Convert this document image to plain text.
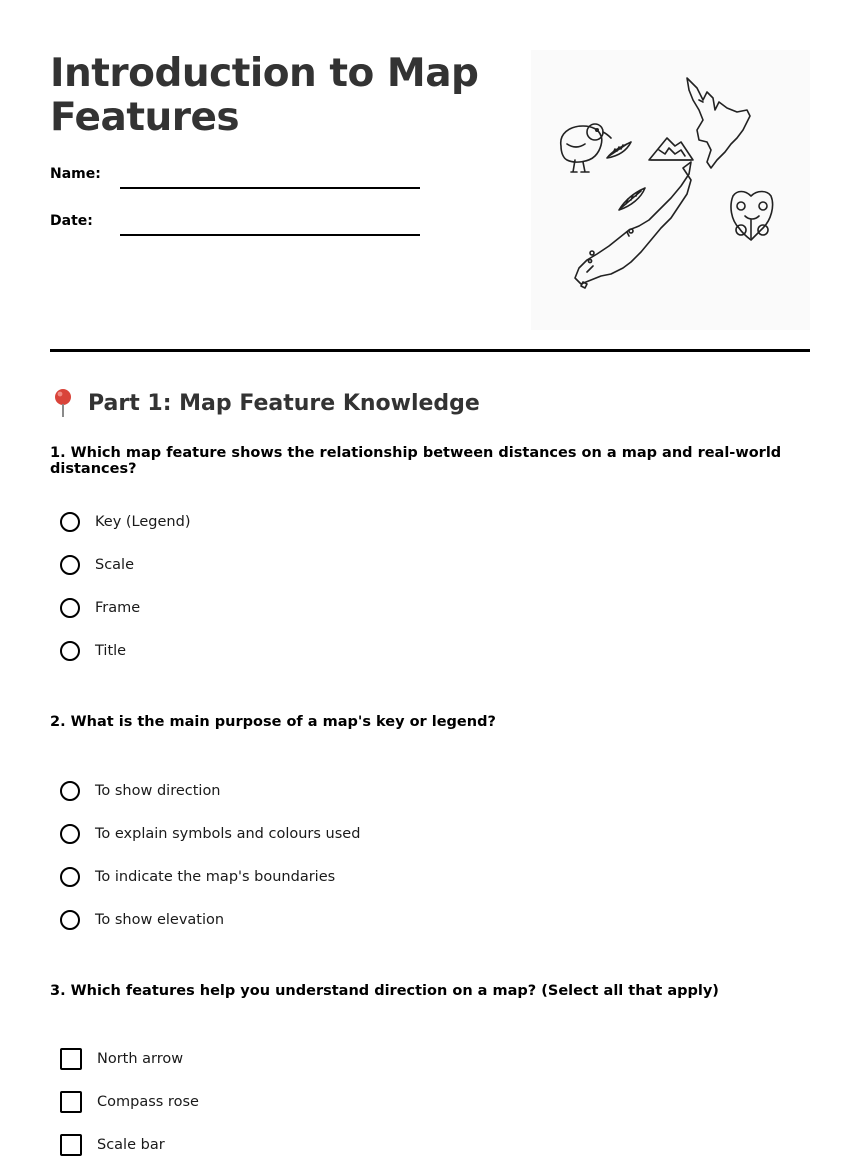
Introduction to Map Features
Name:
Date:
Part 1: Map Feature Knowledge
1. Which map feature shows the relationship between distances on a map and real-world distances?
Key (Legend)
Scale
Frame
Title
2. What is the main purpose of a map's key or legend?
To show direction
To explain symbols and colours used
To indicate the map's boundaries
To show elevation
3. Which features help you understand direction on a map? (Select all that apply)
North arrow
Compass rose
Scale bar
